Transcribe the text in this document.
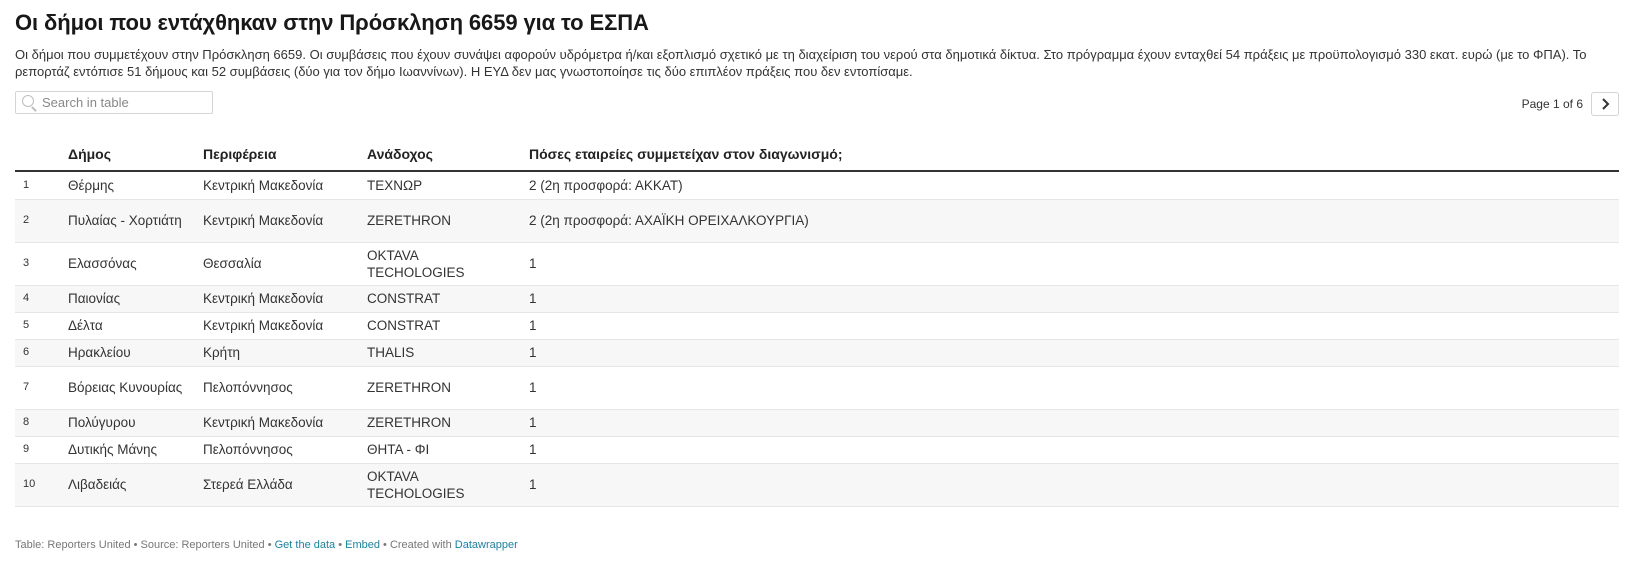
Οι δήμοι που εντάχθηκαν στην Πρόσκληση 6659 για το ΕΣΠΑ
Οι δήμοι που συμμετέχουν στην Πρόσκληση 6659. Οι συμβάσεις που έχουν συνάψει αφορούν υδρόμετρα ή/και εξοπλισμό σχετικό με τη διαχείριση του νερού στα δημοτικά δίκτυα. Στο πρόγραμμα έχουν ενταχθεί 54 πράξεις με προϋπολογισμό 330 εκατ. ευρώ (με το ΦΠΑ). Το ρεπορτάζ εντόπισε 51 δήμους και 52 συμβάσεις (δύο για τον δήμο Ιωαννίνων). Η ΕΥΔ δεν μας γνωστοποίησε τις δύο επιπλέον πράξεις που δεν εντοπίσαμε.
Search in table
Page 1 of 6
	Δήμος	Περιφέρεια	Ανάδοχος	Πόσες εταιρείες συμμετείχαν στον διαγωνισμό;
1	Θέρμης	Κεντρική Μακεδονία	ΤΕΧΝΩΡ	2 (2η προσφορά: ΑΚΚΑΤ)
2	Πυλαίας - Χορτιάτη	Κεντρική Μακεδονία	ZERETHRON	2 (2η προσφορά: ΑΧΑΪΚΗ ΟΡΕΙΧΑΛΚΟΥΡΓΙΑ)
3	Ελασσόνας	Θεσσαλία	OKTAVA TECHOLOGIES	1
4	Παιονίας	Κεντρική Μακεδονία	CONSTRAT	1
5	Δέλτα	Κεντρική Μακεδονία	CONSTRAT	1
6	Ηρακλείου	Κρήτη	THALIS	1
7	Βόρειας Κυνουρίας	Πελοπόννησος	ZERETHRON	1
8	Πολύγυρου	Κεντρική Μακεδονία	ZERETHRON	1
9	Δυτικής Μάνης	Πελοπόννησος	ΘΗΤΑ - ΦΙ	1
10	Λιβαδειάς	Στερεά Ελλάδα	OKTAVA TECHOLOGIES	1
Table: Reporters United • Source: Reporters United • Get the data • Embed • Created with Datawrapper
